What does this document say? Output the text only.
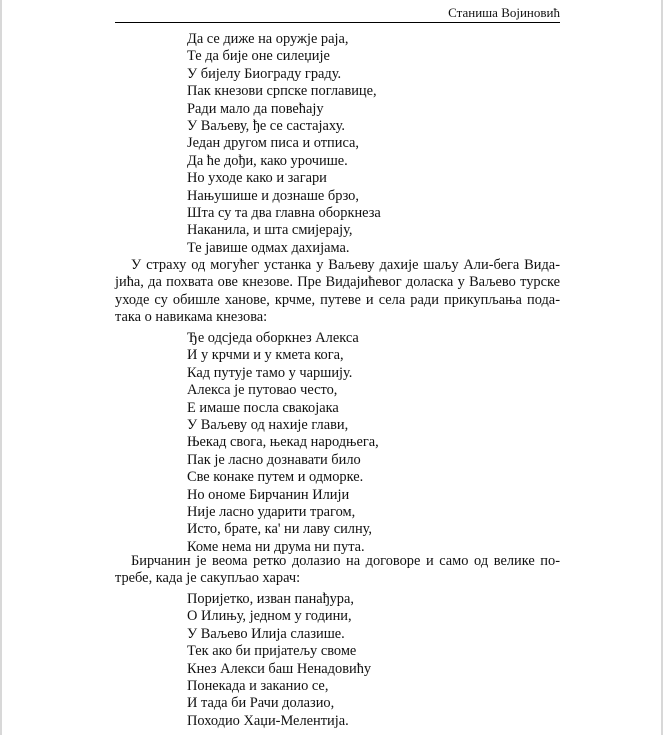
Станиша Војиновић
Да се диже на оружје раја,
Те да бије оне силеџије
У бијелу Биограду граду.
Пак кнезови српске поглавице,
Ради мало да повећају
У Ваљеву, ђе се састајаху.
Један другом писа и отписа,
Да ће дођи, како урочише.
Но уходе како и загари
Нањушише и дознаше брзо,
Шта су та два главна оборкнеза
Наканила, и шта смијерају,
Те јавише одмах дахијама.

У страху од могућег устанка у Ваљеву дахије шаљу Али-бега Вида-јића, да похвата ове кнезове. Пре Видајићевог доласка у Ваљево турске уходе су обишле ханове, крчме, путеве и села ради прикупљања пода-така о навикама кнезова:

Ђе одсједа оборкнез Алекса
И у крчми и у кмета кога,
Кад путује тамо у чаршију.
Алекса је путовао често,
Е имаше посла свакојака
У Ваљеву од нахије глави,
Њекад свога, њекад народњега,
Пак је ласно дознавати било
Све конаке путем и одморке.
Но ономе Бирчанин Илији
Није ласно ударити трагом,
Исто, брате, ка' ни лаву силну,
Коме нема ни друма ни пута.

Бирчанин је веома ретко долазио на договоре и само од велике по-требе, када је сакупљао харач:

Поријетко, изван панађура,
О Илињу, једном у години,
У Ваљево Илија слазише.
Тек ако би пријатељу своме
Кнез Алекси баш Ненадовићу
Понекада и заканио се,
И тада би Рачи долазио,
Походио Хаџи-Мелентија.
